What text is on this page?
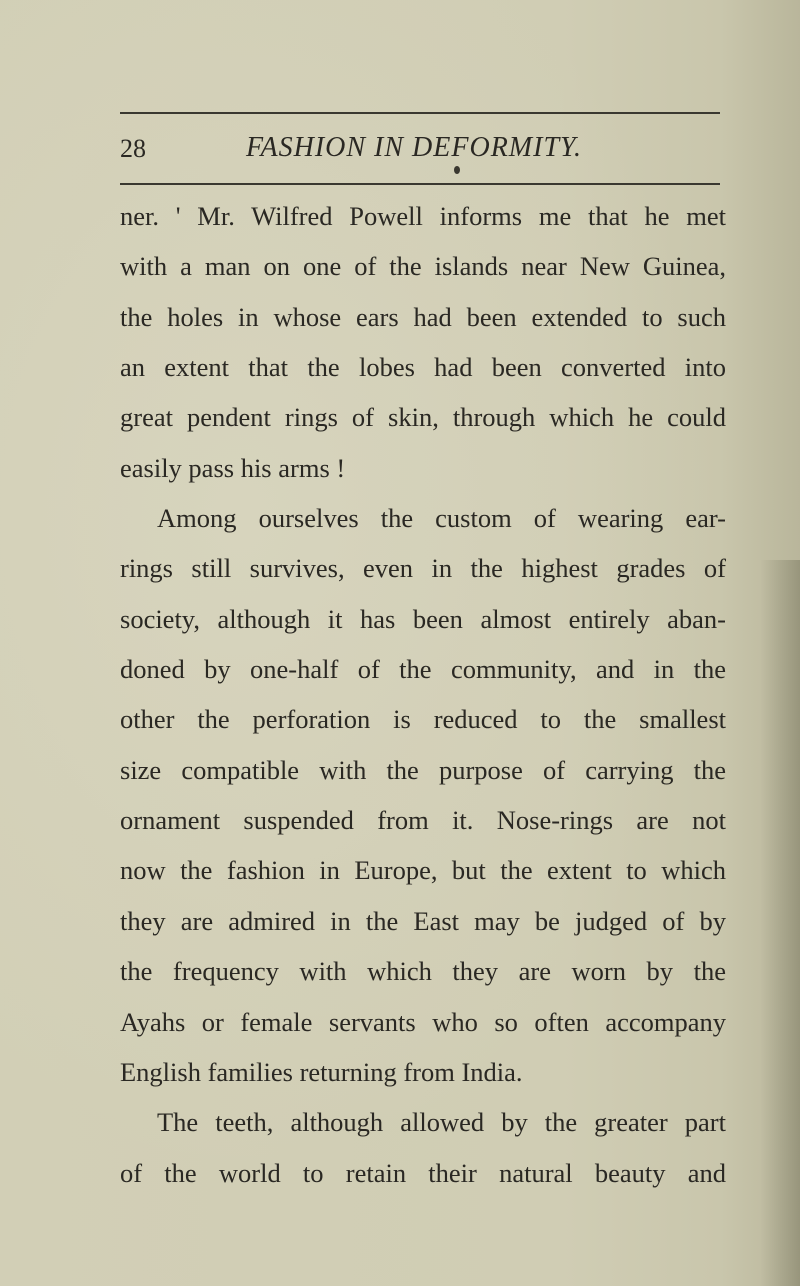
28	FASHION IN DEFORMITY.
ner. ' Mr. Wilfred Powell informs me that he met
with a man on one of the islands near New Guinea,
the holes in whose ears had been extended to such
an extent that the lobes had been converted into
great pendent rings of skin, through which he could
easily pass his arms !
Among ourselves the custom of wearing ear-
rings still survives, even in the highest grades of
society, although it has been almost entirely aban-
doned by one-half of the community, and in the
other the perforation is reduced to the smallest
size compatible with the purpose of carrying the
ornament suspended from it. Nose-rings are not
now the fashion in Europe, but the extent to which
they are admired in the East may be judged of by
the frequency with which they are worn by the
Ayahs or female servants who so often accompany
English families returning from India.
The teeth, although allowed by the greater part
of the world to retain their natural beauty and
